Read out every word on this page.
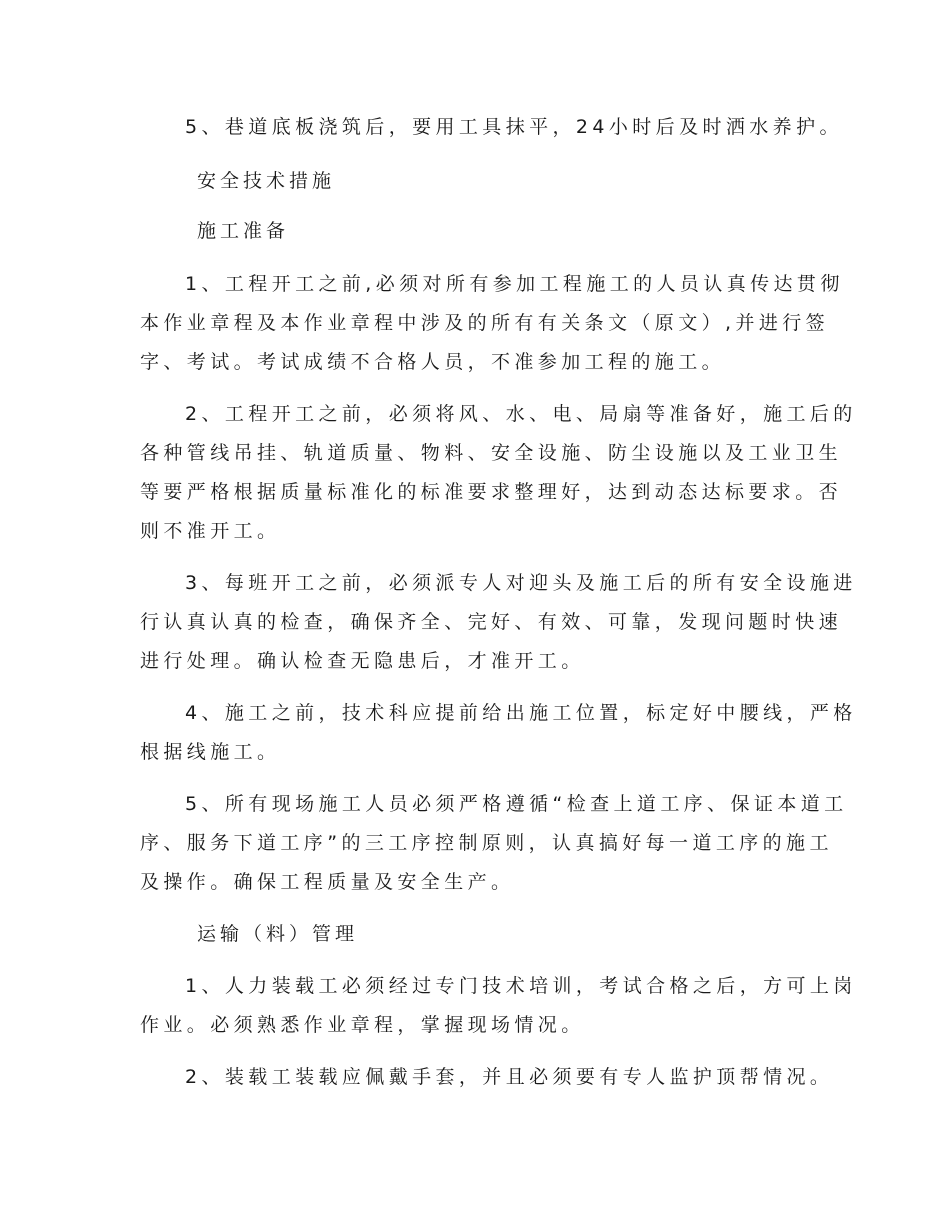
5、巷道底板浇筑后，要用工具抹平，24小时后及时洒水养护。
安全技术措施
施工准备
1、工程开工之前,必须对所有参加工程施工的人员认真传达贯彻
本作业章程及本作业章程中涉及的所有有关条文（原文）,并进行签
字、考试。考试成绩不合格人员，不准参加工程的施工。
2、工程开工之前，必须将风、水、电、局扇等准备好，施工后的
各种管线吊挂、轨道质量、物料、安全设施、防尘设施以及工业卫生
等要严格根据质量标准化的标准要求整理好，达到动态达标要求。否
则不准开工。
3、每班开工之前，必须派专人对迎头及施工后的所有安全设施进
行认真认真的检查，确保齐全、完好、有效、可靠，发现问题时快速
进行处理。确认检查无隐患后，才准开工。
4、施工之前，技术科应提前给出施工位置，标定好中腰线，严格
根据线施工。
5、所有现场施工人员必须严格遵循“检查上道工序、保证本道工
序、服务下道工序”的三工序控制原则，认真搞好每一道工序的施工
及操作。确保工程质量及安全生产。
运输（料）管理
1、人力装载工必须经过专门技术培训，考试合格之后，方可上岗
作业。必须熟悉作业章程，掌握现场情况。
2、装载工装载应佩戴手套，并且必须要有专人监护顶帮情况。
